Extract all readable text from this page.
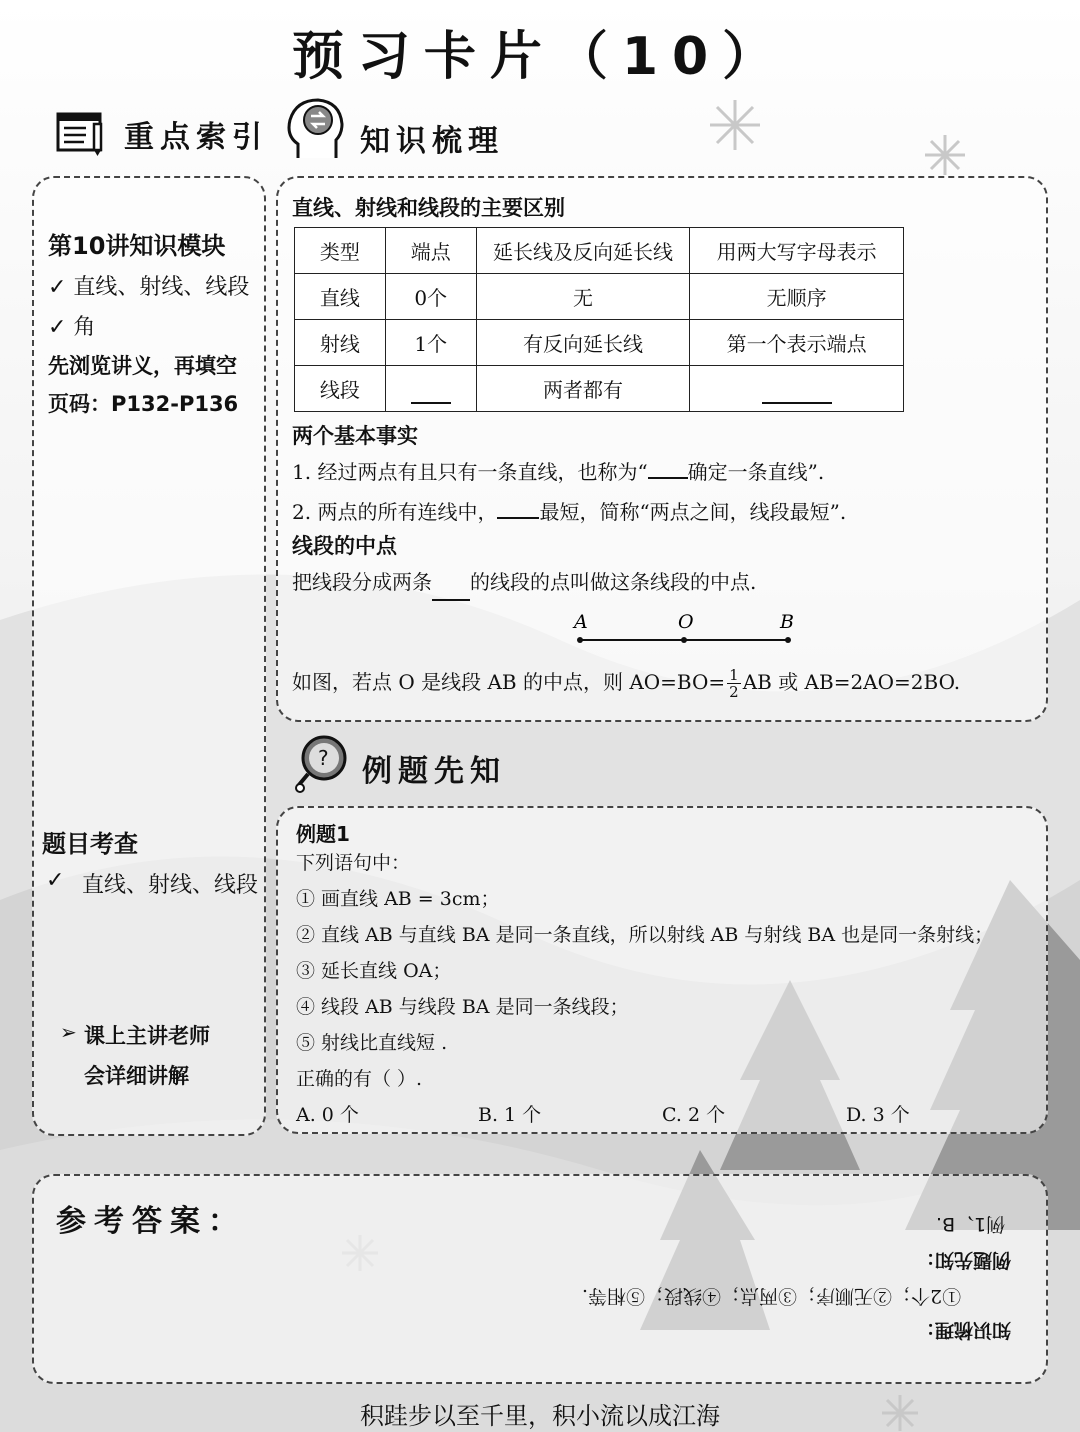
预习卡片（10）
重点索引	知识梳理
第10讲知识模块
✓ 直线、射线、线段
✓ 角
先浏览讲义，再填空
页码：P132-P136
题目考查
✓ 直线、射线、线段
➢ 课上主讲老师
会详细讲解
直线、射线和线段的主要区别
类型	端点	延长线及反向延长线	用两大写字母表示
直线	0个	无	无顺序
射线	1个	有反向延长线	第一个表示端点
线段		两者都有	
两个基本事实
1. 经过两点有且只有一条直线，也称为“ 确定一条直线”.
2. 两点的所有连线中， 最短，简称“两点之间，线段最短”.
线段的中点
把线段分成两条 的线段的点叫做这条线段的中点.
A	O	B
如图，若点 O 是线段 AB 的中点，则 $AO=BO= \frac{1}{2}$ AB 或 AB=2AO=2BO.
? 例题先知
例题1
下列语句中：
① 画直线 AB = 3cm；
② 直线 AB 与直线 BA 是同一条直线，所以射线 AB 与射线 BA 也是同一条射线；
③ 延长直线 OA；
④ 线段 AB 与线段 BA 是同一条线段；
⑤ 射线比直线短 .
正确的有（ ）.
A. 0 个	B. 1 个	C. 2 个	D. 3 个
参考答案：	例1、B.
例题先知：
①2个；②无顺序；③两点；④线段；⑤相等.
知识梳理：
积跬步以至千里，积小流以成江海
